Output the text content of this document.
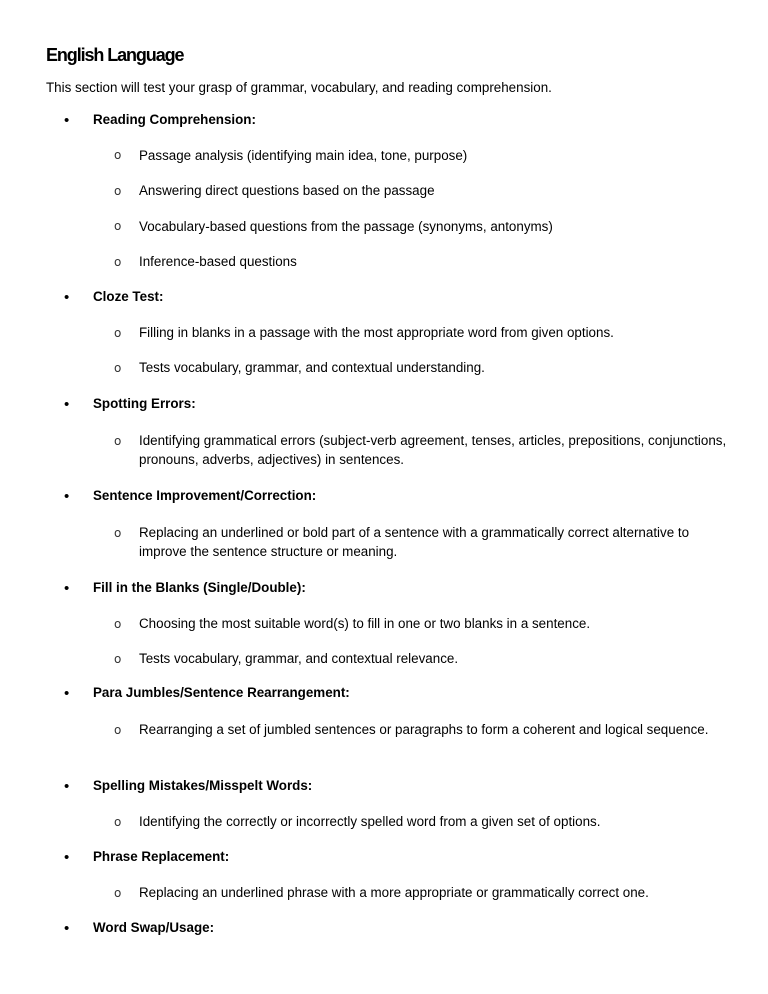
English Language

This section will test your grasp of grammar, vocabulary, and reading comprehension.

• Reading Comprehension:

o Passage analysis (identifying main idea, tone, purpose)

o Answering direct questions based on the passage

o Vocabulary-based questions from the passage (synonyms, antonyms)

o Inference-based questions

• Cloze Test:

o Filling in blanks in a passage with the most appropriate word from given options.

o Tests vocabulary, grammar, and contextual understanding.

• Spotting Errors:

o Identifying grammatical errors (subject-verb agreement, tenses, articles, prepositions, conjunctions, pronouns, adverbs, adjectives) in sentences.

• Sentence Improvement/Correction:

o Replacing an underlined or bold part of a sentence with a grammatically correct alternative to improve the sentence structure or meaning.

• Fill in the Blanks (Single/Double):

o Choosing the most suitable word(s) to fill in one or two blanks in a sentence.

o Tests vocabulary, grammar, and contextual relevance.

• Para Jumbles/Sentence Rearrangement:

o Rearranging a set of jumbled sentences or paragraphs to form a coherent and logical sequence.

• Spelling Mistakes/Misspelt Words:

o Identifying the correctly or incorrectly spelled word from a given set of options.

• Phrase Replacement:

o Replacing an underlined phrase with a more appropriate or grammatically correct one.

• Word Swap/Usage:
